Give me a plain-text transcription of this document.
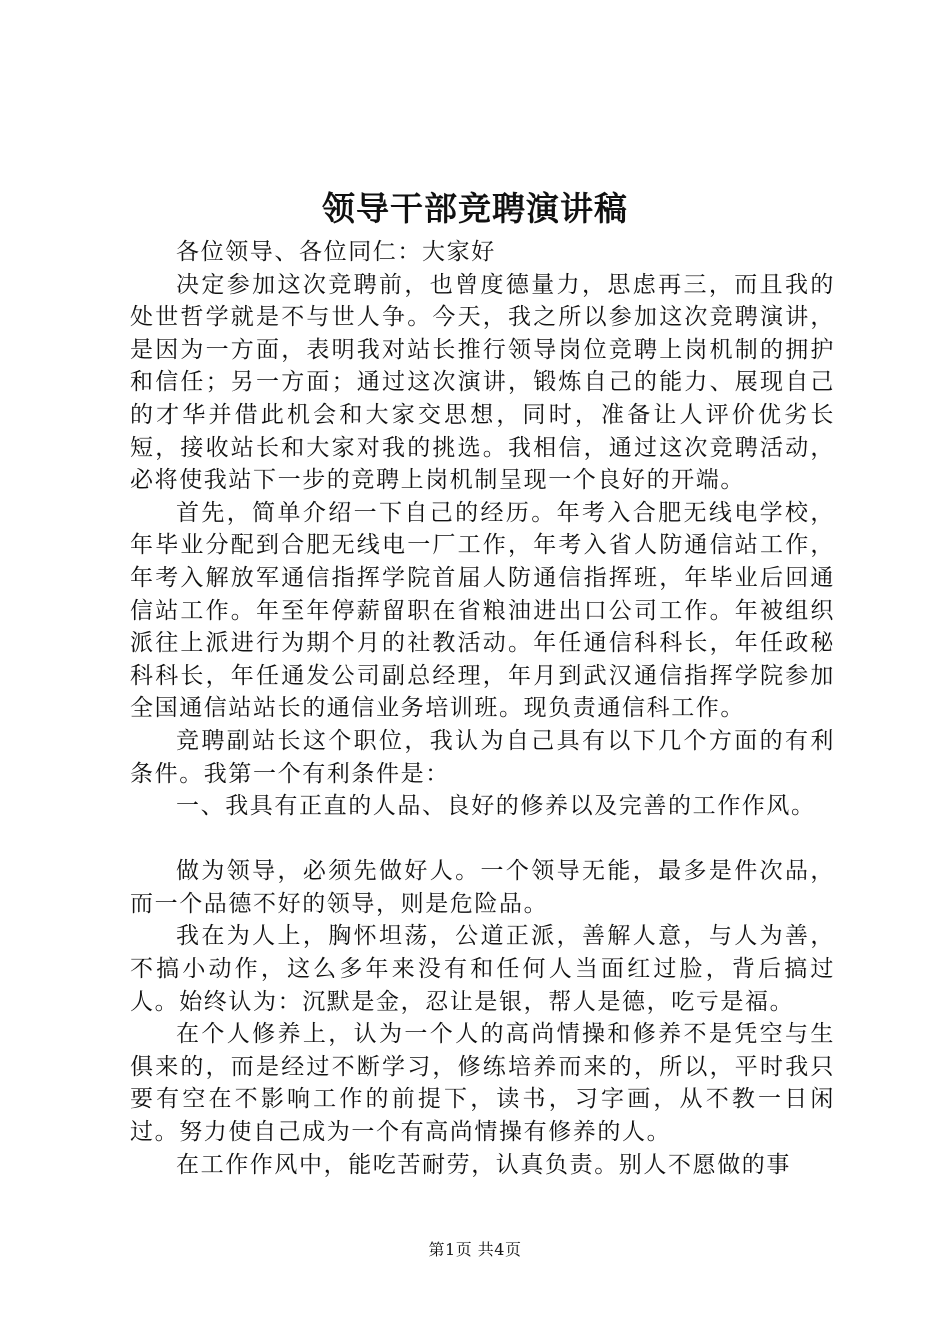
领导干部竞聘演讲稿

各位领导、各位同仁：大家好

决定参加这次竞聘前，也曾度德量力，思虑再三，而且我的处世哲学就是不与世人争。今天，我之所以参加这次竞聘演讲，是因为一方面，表明我对站长推行领导岗位竞聘上岗机制的拥护和信任；另一方面；通过这次演讲，锻炼自己的能力、展现自己的才华并借此机会和大家交思想，同时，准备让人评价优劣长短，接收站长和大家对我的挑选。我相信，通过这次竞聘活动，必将使我站下一步的竞聘上岗机制呈现一个良好的开端。

首先，简单介绍一下自己的经历。年考入合肥无线电学校，年毕业分配到合肥无线电一厂工作，年考入省人防通信站工作，年考入解放军通信指挥学院首届人防通信指挥班，年毕业后回通信站工作。年至年停薪留职在省粮油进出口公司工作。年被组织派往上派进行为期个月的社教活动。年任通信科科长，年任政秘科科长，年任通发公司副总经理，年月到武汉通信指挥学院参加全国通信站站长的通信业务培训班。现负责通信科工作。

竞聘副站长这个职位，我认为自己具有以下几个方面的有利条件。我第一个有利条件是：

一、我具有正直的人品、良好的修养以及完善的工作作风。

做为领导，必须先做好人。一个领导无能，最多是件次品，而一个品德不好的领导，则是危险品。

我在为人上，胸怀坦荡，公道正派，善解人意，与人为善，不搞小动作，这么多年来没有和任何人当面红过脸，背后搞过人。始终认为：沉默是金，忍让是银，帮人是德，吃亏是福。

在个人修养上，认为一个人的高尚情操和修养不是凭空与生俱来的，而是经过不断学习，修练培养而来的，所以，平时我只要有空在不影响工作的前提下，读书，习字画，从不教一日闲过。努力使自己成为一个有高尚情操有修养的人。

在工作作风中，能吃苦耐劳，认真负责。别人不愿做的事

第1页 共4页
